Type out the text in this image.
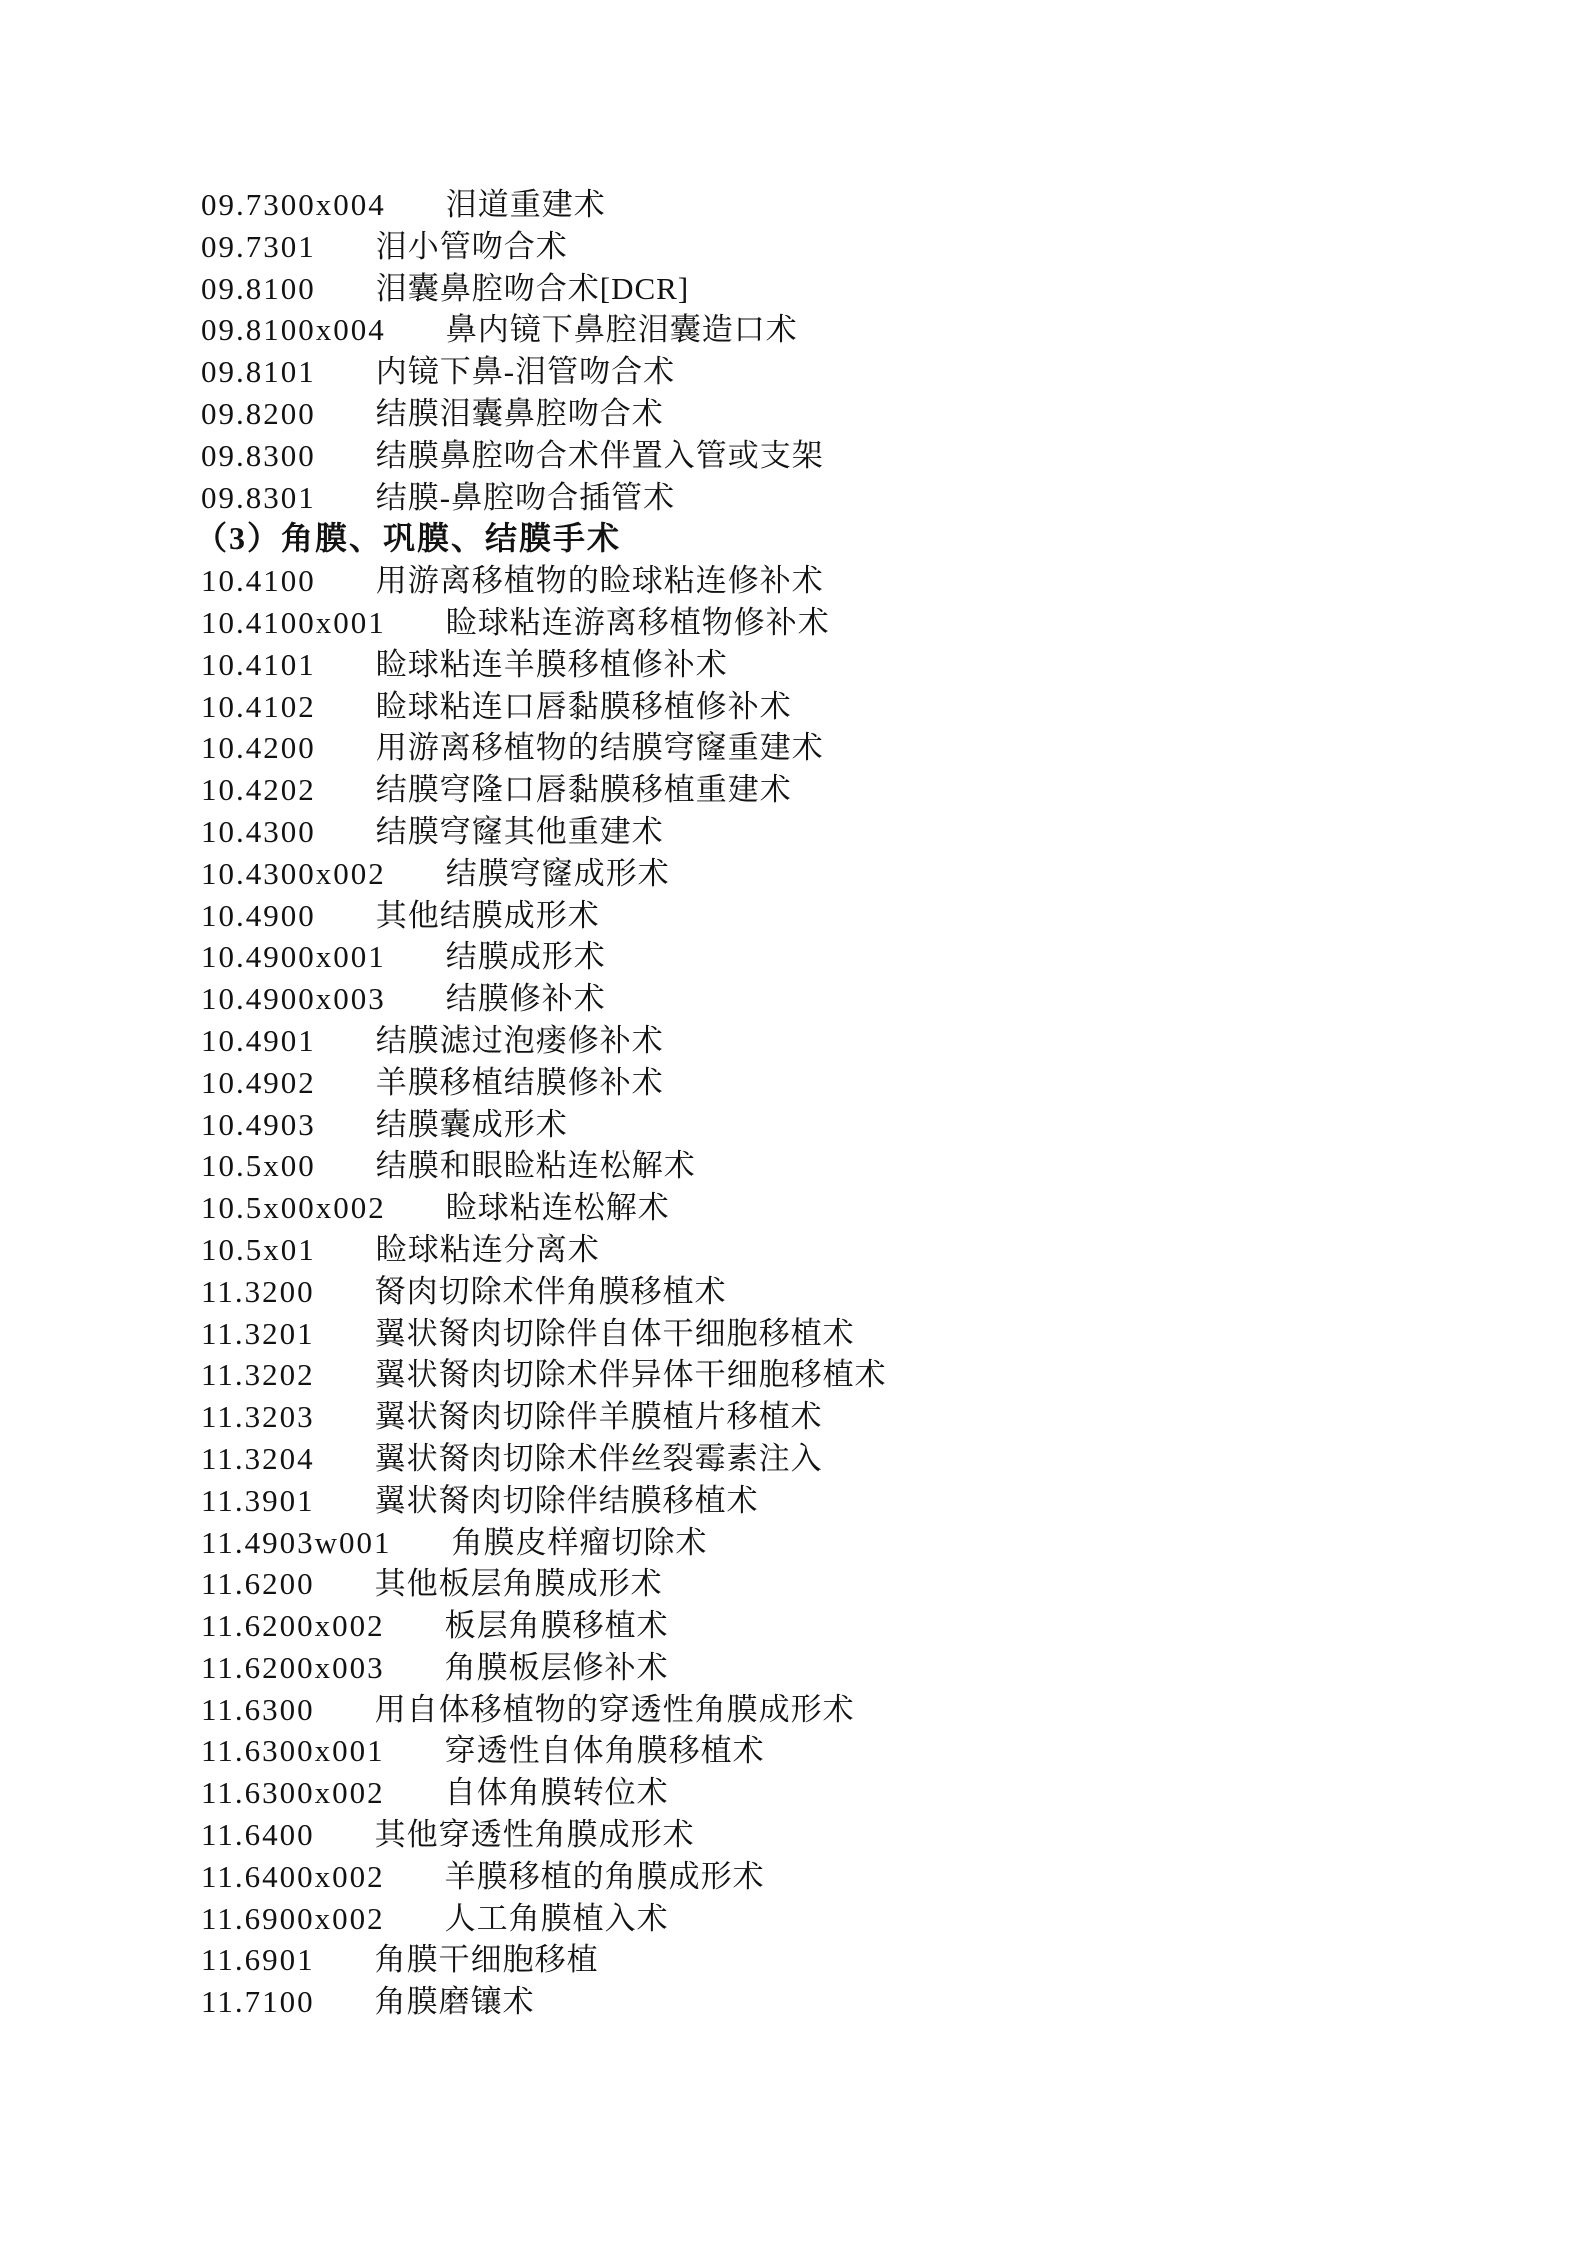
09.7300x004 泪道重建术
09.7301 泪小管吻合术
09.8100 泪囊鼻腔吻合术[DCR]
09.8100x004 鼻内镜下鼻腔泪囊造口术
09.8101 内镜下鼻-泪管吻合术
09.8200 结膜泪囊鼻腔吻合术
09.8300 结膜鼻腔吻合术伴置入管或支架
09.8301 结膜-鼻腔吻合插管术
（3）角膜、巩膜、结膜手术
10.4100 用游离移植物的睑球粘连修补术
10.4100x001 睑球粘连游离移植物修补术
10.4101 睑球粘连羊膜移植修补术
10.4102 睑球粘连口唇黏膜移植修补术
10.4200 用游离移植物的结膜穹窿重建术
10.4202 结膜穹隆口唇黏膜移植重建术
10.4300 结膜穹窿其他重建术
10.4300x002 结膜穹窿成形术
10.4900 其他结膜成形术
10.4900x001 结膜成形术
10.4900x003 结膜修补术
10.4901 结膜滤过泡瘘修补术
10.4902 羊膜移植结膜修补术
10.4903 结膜囊成形术
10.5x00 结膜和眼睑粘连松解术
10.5x00x002 睑球粘连松解术
10.5x01 睑球粘连分离术
11.3200 胬肉切除术伴角膜移植术
11.3201 翼状胬肉切除伴自体干细胞移植术
11.3202 翼状胬肉切除术伴异体干细胞移植术
11.3203 翼状胬肉切除伴羊膜植片移植术
11.3204 翼状胬肉切除术伴丝裂霉素注入
11.3901 翼状胬肉切除伴结膜移植术
11.4903w001 角膜皮样瘤切除术
11.6200 其他板层角膜成形术
11.6200x002 板层角膜移植术
11.6200x003 角膜板层修补术
11.6300 用自体移植物的穿透性角膜成形术
11.6300x001 穿透性自体角膜移植术
11.6300x002 自体角膜转位术
11.6400 其他穿透性角膜成形术
11.6400x002 羊膜移植的角膜成形术
11.6900x002 人工角膜植入术
11.6901 角膜干细胞移植
11.7100 角膜磨镶术
